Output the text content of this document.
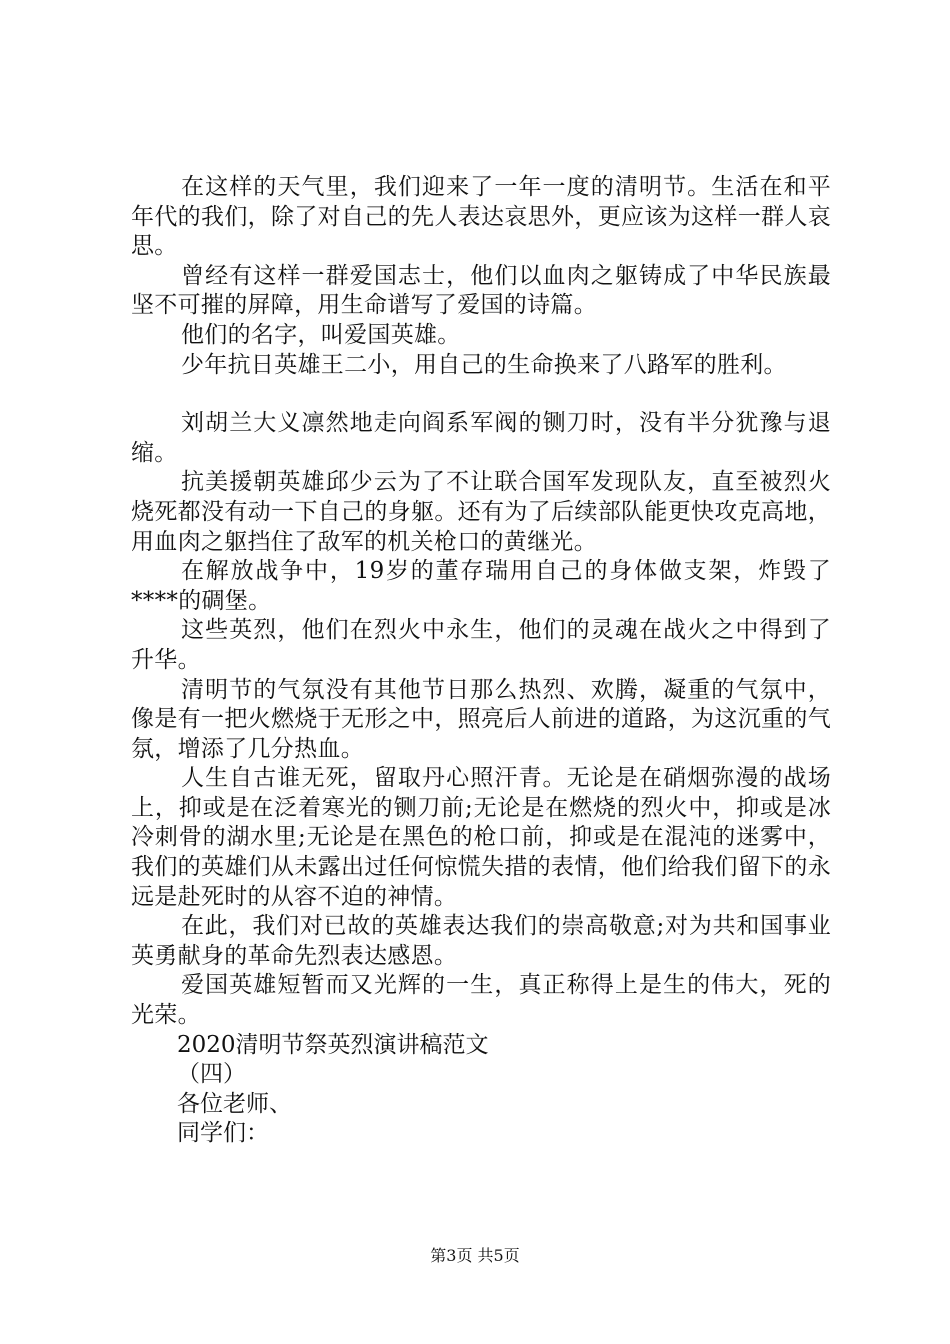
在这样的天气里，我们迎来了一年一度的清明节。生活在和平年代的我们，除了对自己的先人表达哀思外，更应该为这样一群人哀思。

曾经有这样一群爱国志士，他们以血肉之躯铸成了中华民族最坚不可摧的屏障，用生命谱写了爱国的诗篇。

他们的名字，叫爱国英雄。

少年抗日英雄王二小，用自己的生命换来了八路军的胜利。

刘胡兰大义凛然地走向阎系军阀的铡刀时，没有半分犹豫与退缩。

抗美援朝英雄邱少云为了不让联合国军发现队友，直至被烈火烧死都没有动一下自己的身躯。还有为了后续部队能更快攻克高地，用血肉之躯挡住了敌军的机关枪口的黄继光。

在解放战争中，19岁的董存瑞用自己的身体做支架，炸毁了****的碉堡。

这些英烈，他们在烈火中永生，他们的灵魂在战火之中得到了升华。

清明节的气氛没有其他节日那么热烈、欢腾，凝重的气氛中，像是有一把火燃烧于无形之中，照亮后人前进的道路，为这沉重的气氛，增添了几分热血。

人生自古谁无死，留取丹心照汗青。无论是在硝烟弥漫的战场上，抑或是在泛着寒光的铡刀前;无论是在燃烧的烈火中，抑或是冰冷刺骨的湖水里;无论是在黑色的枪口前，抑或是在混沌的迷雾中，我们的英雄们从未露出过任何惊慌失措的表情，他们给我们留下的永远是赴死时的从容不迫的神情。

在此，我们对已故的英雄表达我们的崇高敬意;对为共和国事业英勇献身的革命先烈表达感恩。

爱国英雄短暂而又光辉的一生，真正称得上是生的伟大，死的光荣。

2020清明节祭英烈演讲稿范文

（四）

各位老师、

同学们：

第3页 共5页
